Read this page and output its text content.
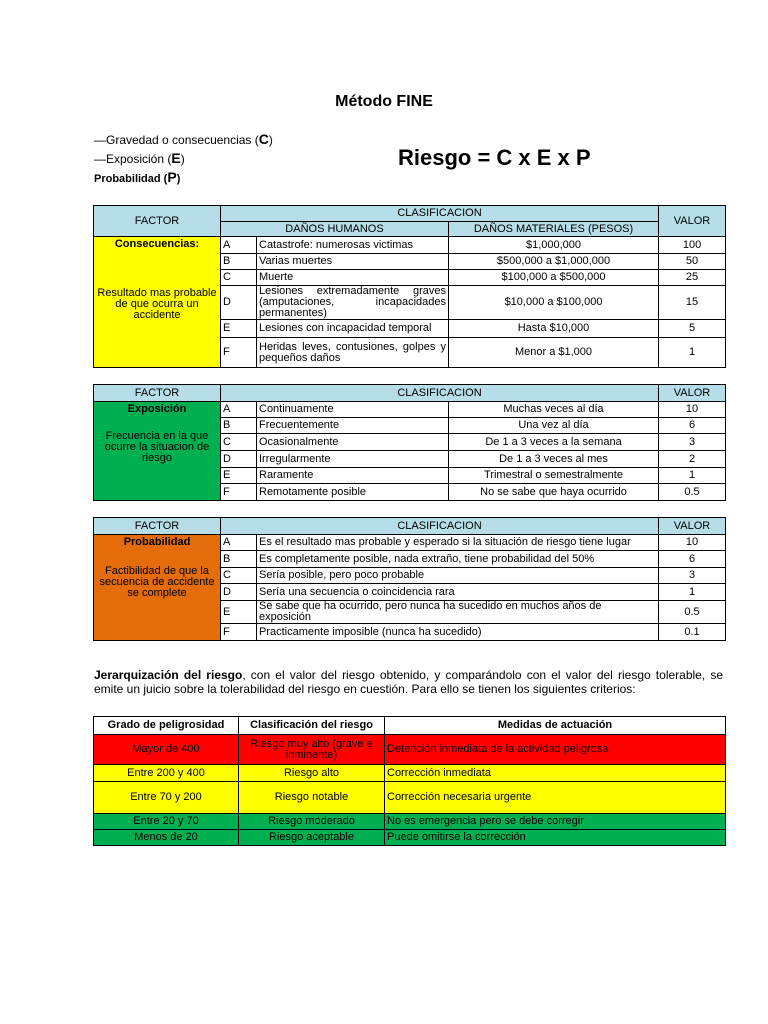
Método FINE
—Gravedad o consecuencias (C)
—Exposición (E)
Probabilidad (P)
Riesgo = C x E x P
FACTOR	CLASIFICACION			VALOR
	DAÑOS HUMANOS		DAÑOS MATERIALES (PESOS)	

Consecuencias:
Resultado mas probable de que ocurra un accidente	A	Catastrofe: numerosas victimas	$1,000,000	100
	B	Varias muertes	$500,000 a $1,000,000	50
	C	Muerte	$100,000 a $500,000	25
	D	Lesiones extremadamente graves (amputaciones, incapacidades permanentes)	$10,000 a $100,000	15
	E	Lesiones con incapacidad temporal	Hasta $10,000	5
	F	Heridas leves, contusiones, golpes y pequeños daños	Menor a $1,000	1
FACTOR	CLASIFICACION			VALOR

Exposición
Frecuencia en la que ocurre la situacion de riesgo	A	Continuamente	Muchas veces al día	10
	B	Frecuentemente	Una vez al día	6
	C	Ocasionalmente	De 1 a 3 veces a la semana	3
	D	Irregularmente	De 1 a 3 veces al mes	2
	E	Raramente	Trimestral o semestralmente	1
	F	Remotamente posible	No se sabe que haya ocurrido	0.5
FACTOR	CLASIFICACION		VALOR

Probabilidad
Factibilidad de que la secuencia de accidente se complete	A	Es el resultado mas probable y esperado si la situación de riesgo tiene lugar	10
	B	Es completamente posible, nada extraño, tiene probabilidad del 50%	6
	C	Sería posible, pero poco probable	3
	D	Sería una secuencia o coincidencia rara	1
	E	Se sabe que ha ocurrido, pero nunca ha sucedido en muchos años de exposición	0.5
	F	Practicamente imposible (nunca ha sucedido)	0.1
Jerarquización del riesgo, con el valor del riesgo obtenido, y comparándolo con el valor del riesgo tolerable, se emite un juicio sobre la tolerabilidad del riesgo en cuestión. Para ello se tienen los siguientes criterios:
Grado de peligrosidad	Clasificación del riesgo	Medidas de actuación
Mayor de 400	Riesgo muy alto (grave e inminente)	Detención inmediata de la actividad peligrosa
Entre 200 y 400	Riesgo alto	Corrección inmediata
Entre 70 y 200	Riesgo notable	Corrección necesaria urgente
Entre 20 y 70	Riesgo moderado	No es emergencia pero se debe corregir
Menos de 20	Riesgo aceptable	Puede omitirse la corrección
